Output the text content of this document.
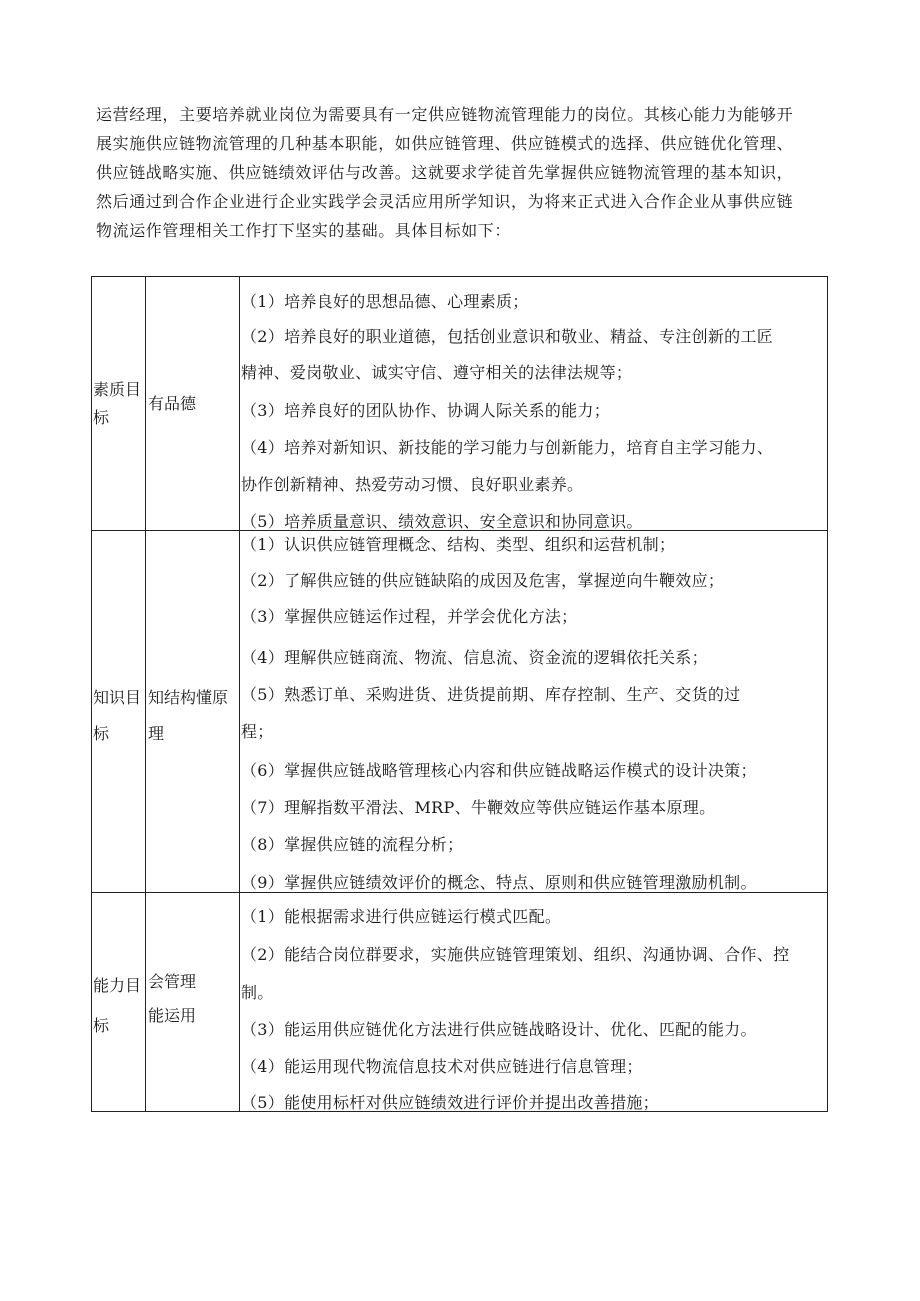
运营经理，主要培养就业岗位为需要具有一定供应链物流管理能力的岗位。其核心能力为能够开
展实施供应链物流管理的几种基本职能，如供应链管理、供应链模式的选择、供应链优化管理、
供应链战略实施、供应链绩效评估与改善。这就要求学徒首先掌握供应链物流管理的基本知识，
然后通过到合作企业进行企业实践学会灵活应用所学知识，为将来正式进入合作企业从事供应链
物流运作管理相关工作打下坚实的基础。具体目标如下：
素质目
标
有品德
（1）培养良好的思想品德、心理素质；
（2）培养良好的职业道德，包括创业意识和敬业、精益、专注创新的工匠
精神、爱岗敬业、诚实守信、遵守相关的法律法规等；
（3）培养良好的团队协作、协调人际关系的能力；
（4）培养对新知识、新技能的学习能力与创新能力，培育自主学习能力、
协作创新精神、热爱劳动习惯、良好职业素养。
（5）培养质量意识、绩效意识、安全意识和协同意识。
知识目
标
知结构懂原
理
（1）认识供应链管理概念、结构、类型、组织和运营机制；
（2）了解供应链的供应链缺陷的成因及危害，掌握逆向牛鞭效应；
（3）掌握供应链运作过程，并学会优化方法；
（4）理解供应链商流、物流、信息流、资金流的逻辑依托关系；
（5）熟悉订单、采购进货、进货提前期、库存控制、生产、交货的过
程；
（6）掌握供应链战略管理核心内容和供应链战略运作模式的设计决策；
（7）理解指数平滑法、MRP、牛鞭效应等供应链运作基本原理。
（8）掌握供应链的流程分析；
（9）掌握供应链绩效评价的概念、特点、原则和供应链管理激励机制。
能力目
标
会管理
能运用
（1）能根据需求进行供应链运行模式匹配。
（2）能结合岗位群要求，实施供应链管理策划、组织、沟通协调、合作、控
制。
（3）能运用供应链优化方法进行供应链战略设计、优化、匹配的能力。
（4）能运用现代物流信息技术对供应链进行信息管理；
（5）能使用标杆对供应链绩效进行评价并提出改善措施；
